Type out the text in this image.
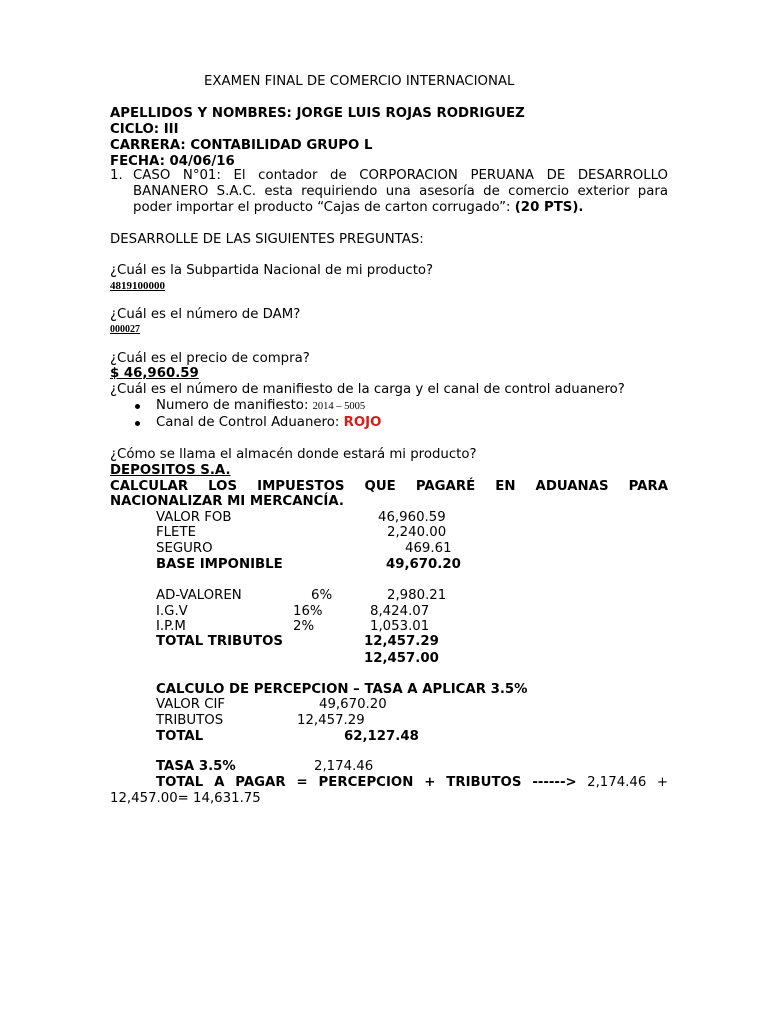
EXAMEN FINAL DE COMERCIO INTERNACIONAL
APELLIDOS Y NOMBRES: JORGE LUIS ROJAS RODRIGUEZ
CICLO: III
CARRERA: CONTABILIDAD GRUPO L
FECHA: 04/06/16
1. CASO N°01: El contador de CORPORACION PERUANA DE DESARROLLO
BANANERO S.A.C. esta requiriendo una asesoría de comercio exterior para
poder importar el producto “Cajas de carton corrugado”: (20 PTS).
DESARROLLE DE LAS SIGUIENTES PREGUNTAS:
¿Cuál es la Subpartida Nacional de mi producto?
4819100000
¿Cuál es el número de DAM?
000027
¿Cuál es el precio de compra?
$ 46,960.59
¿Cuál es el número de manifiesto de la carga y el canal de control aduanero?
Numero de manifiesto: 2014 – 5005
Canal de Control Aduanero: ROJO
¿Cómo se llama el almacén donde estará mi producto?
DEPOSITOS S.A.
CALCULAR LOS IMPUESTOS QUE PAGARÉ EN ADUANAS PARA
NACIONALIZAR MI MERCANCÍA.
VALOR FOB	46,960.59
FLETE	2,240.00
SEGURO	469.61
BASE IMPONIBLE	49,670.20
AD-VALOREN	6%	2,980.21
I.G.V	16%	8,424.07
I.P.M	2%	1,053.01
TOTAL TRIBUTOS	12,457.29
12,457.00
CALCULO DE PERCEPCION – TASA A APLICAR 3.5%
VALOR CIF	49,670.20
TRIBUTOS	12,457.29
TOTAL	62,127.48
TASA 3.5%	2,174.46
TOTAL A PAGAR = PERCEPCION + TRIBUTOS ------> 2,174.46 +
12,457.00= 14,631.75
